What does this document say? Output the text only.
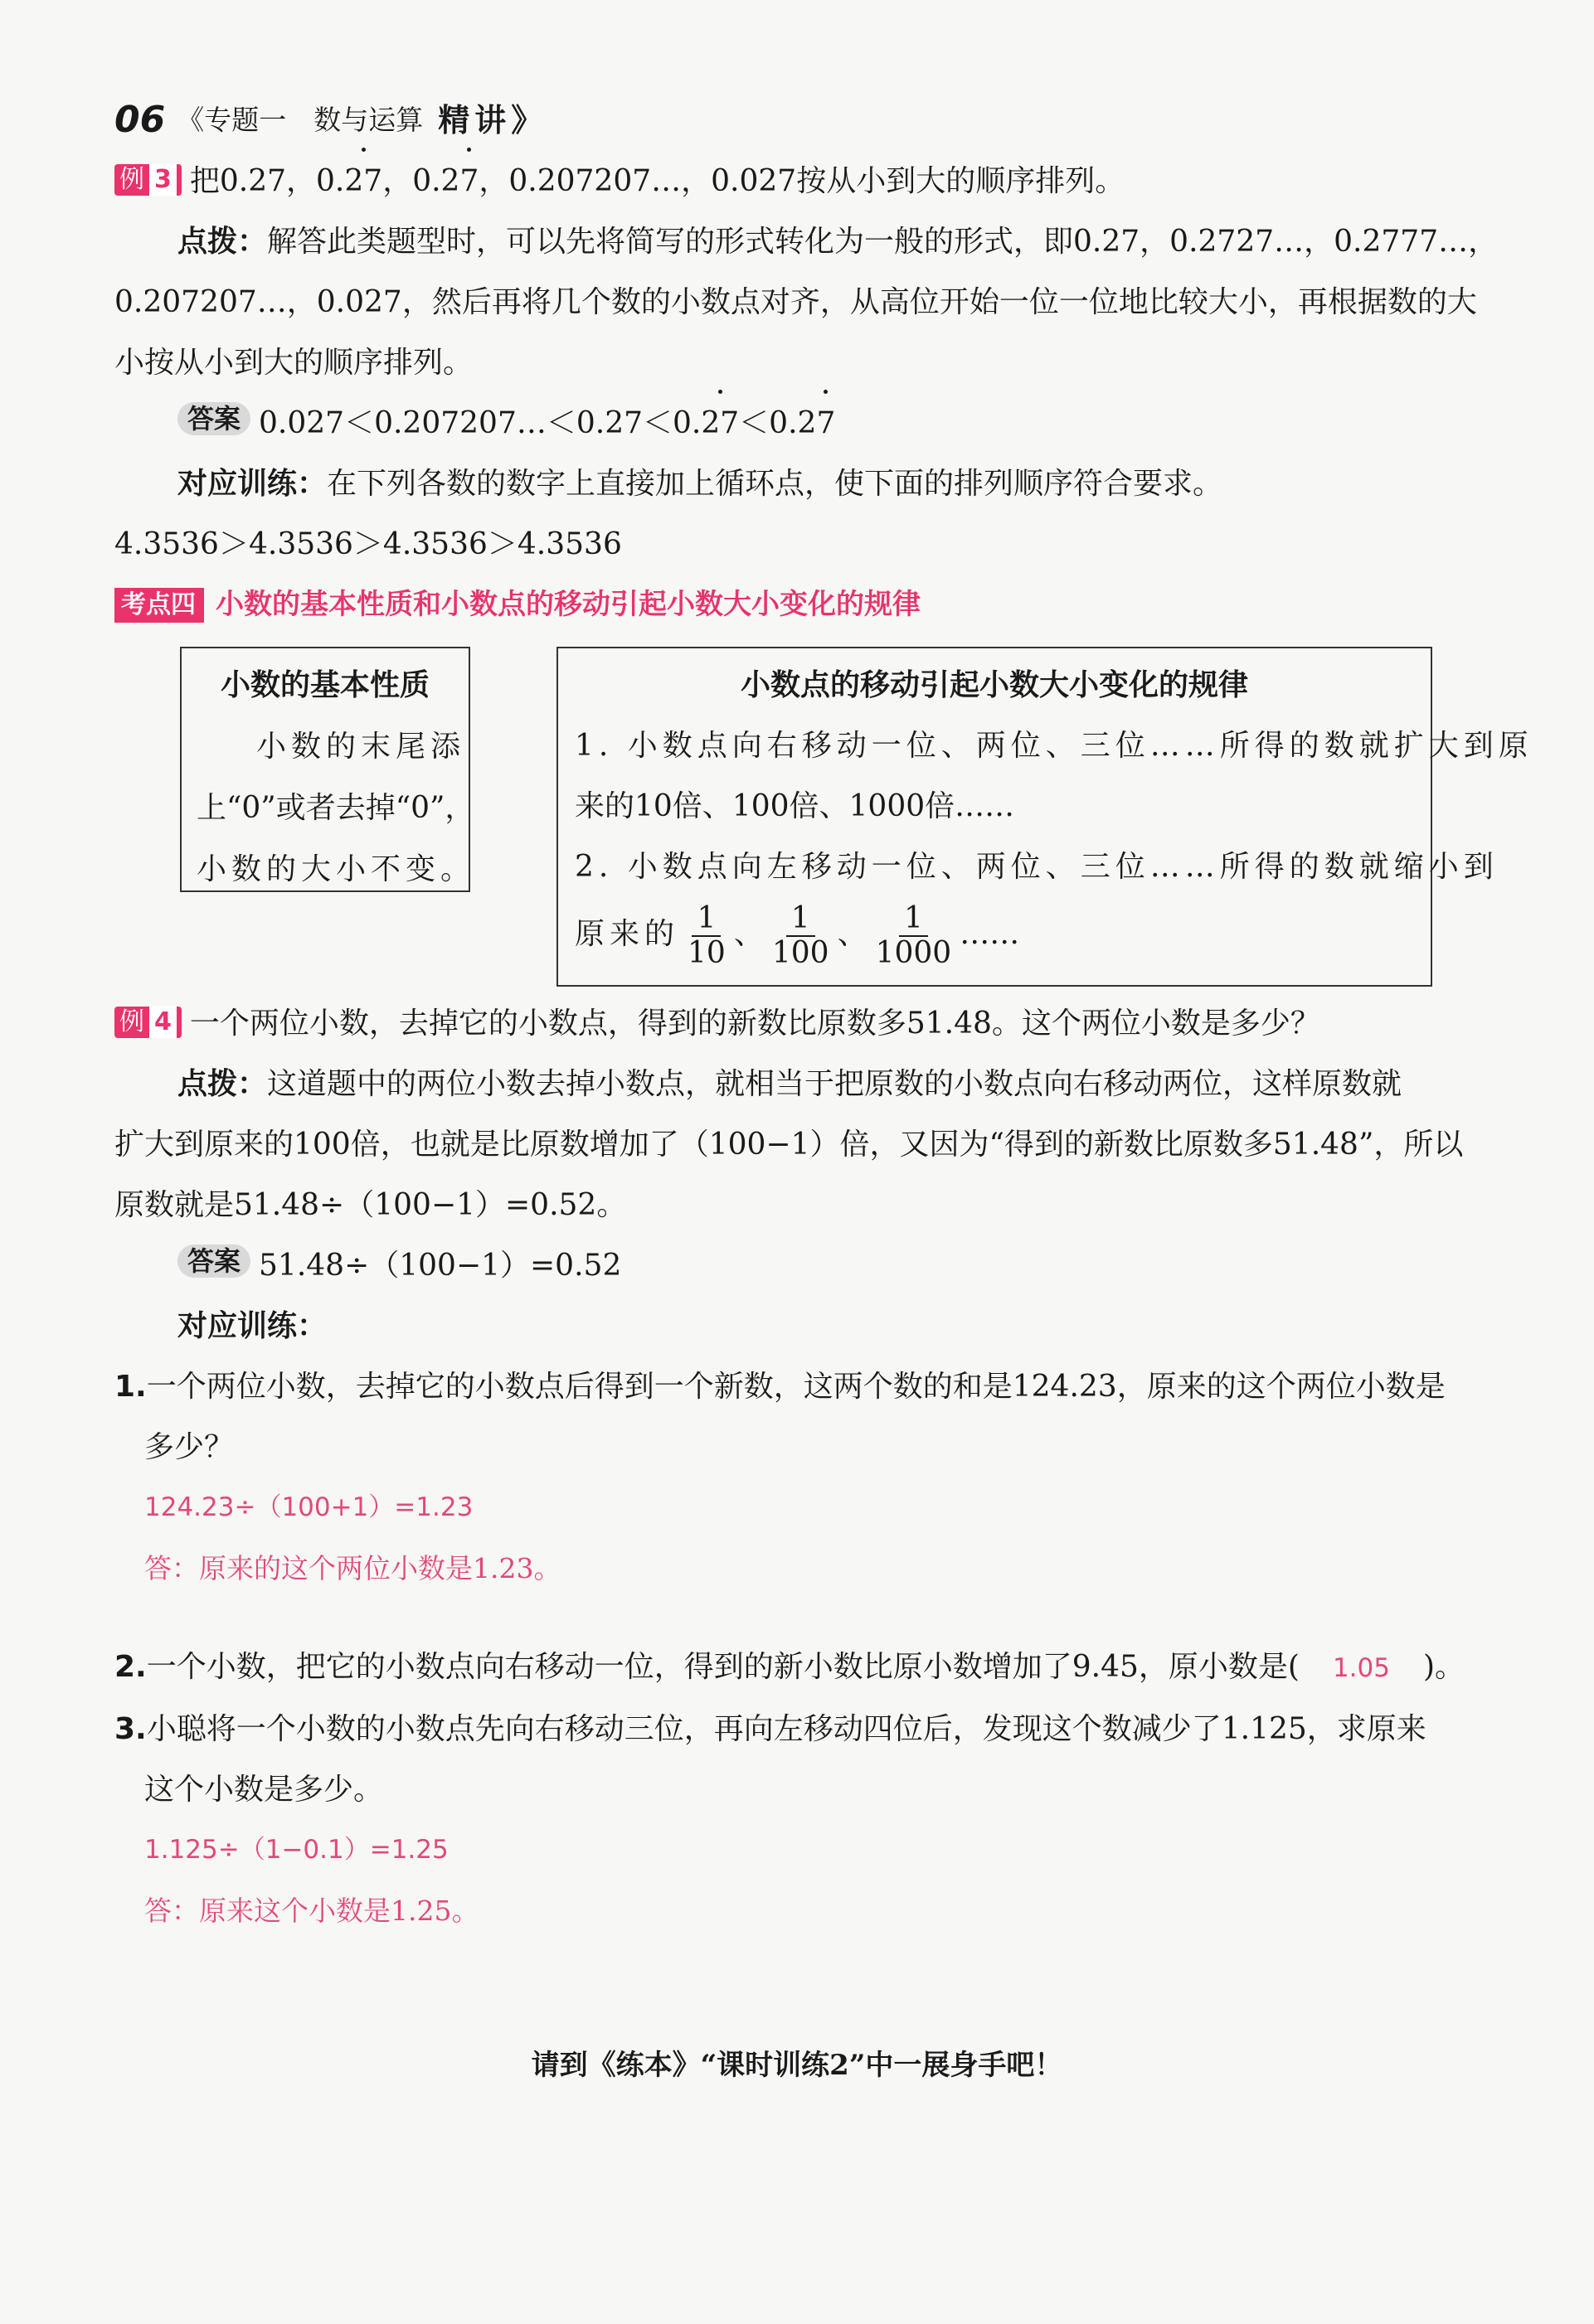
06 《专题一　数与运算 精讲》
例 3 把0.27，0.27，0.27，0.207207…，0.027按从小到大的顺序排列。
点拨：解答此类题型时，可以先将简写的形式转化为一般的形式，即0.27，0.2727…，0.2777…，
0.207207…，0.027，然后再将几个数的小数点对齐，从高位开始一位一位地比较大小，再根据数的大
小按从小到大的顺序排列。
答案 0.027＜0.207207…＜0.27＜0.27＜0.27
对应训练：在下列各数的数字上直接加上循环点，使下面的排列顺序符合要求。
4.3536＞4.3536＞4.3536＞4.3536
考点四 小数的基本性质和小数点的移动引起小数大小变化的规律
小数的基本性质
小数的末尾添
上“0”或者去掉“0”，
小数的大小不变。
小数点的移动引起小数大小变化的规律
1. 小数点向右移动一位、两位、三位……所得的数就扩大到原
来的10倍、100倍、1000倍……
2. 小数点向左移动一位、两位、三位……所得的数就缩小到
原来的 $\frac{1}{10}$ 、 $\frac{1}{100}$ 、 $\frac{1}{1000}$ ……
例 4 一个两位小数，去掉它的小数点，得到的新数比原数多51.48。这个两位小数是多少？
点拨：这道题中的两位小数去掉小数点，就相当于把原数的小数点向右移动两位，这样原数就
扩大到原来的100倍，也就是比原数增加了（100−1）倍，又因为“得到的新数比原数多51.48”，所以
原数就是51.48÷（100−1）=0.52。
答案 51.48÷（100−1）=0.52
对应训练：
1.一个两位小数，去掉它的小数点后得到一个新数，这两个数的和是124.23，原来的这个两位小数是
多少？
124.23÷（100+1）=1.23
答：原来的这个两位小数是1.23。
2.一个小数，把它的小数点向右移动一位，得到的新小数比原小数增加了9.45，原小数是( 1.05 )。
3.小聪将一个小数的小数点先向右移动三位，再向左移动四位后，发现这个数减少了1.125，求原来
这个小数是多少。
1.125÷（1−0.1）=1.25
答：原来这个小数是1.25。
请到《练本》“课时训练2”中一展身手吧！
